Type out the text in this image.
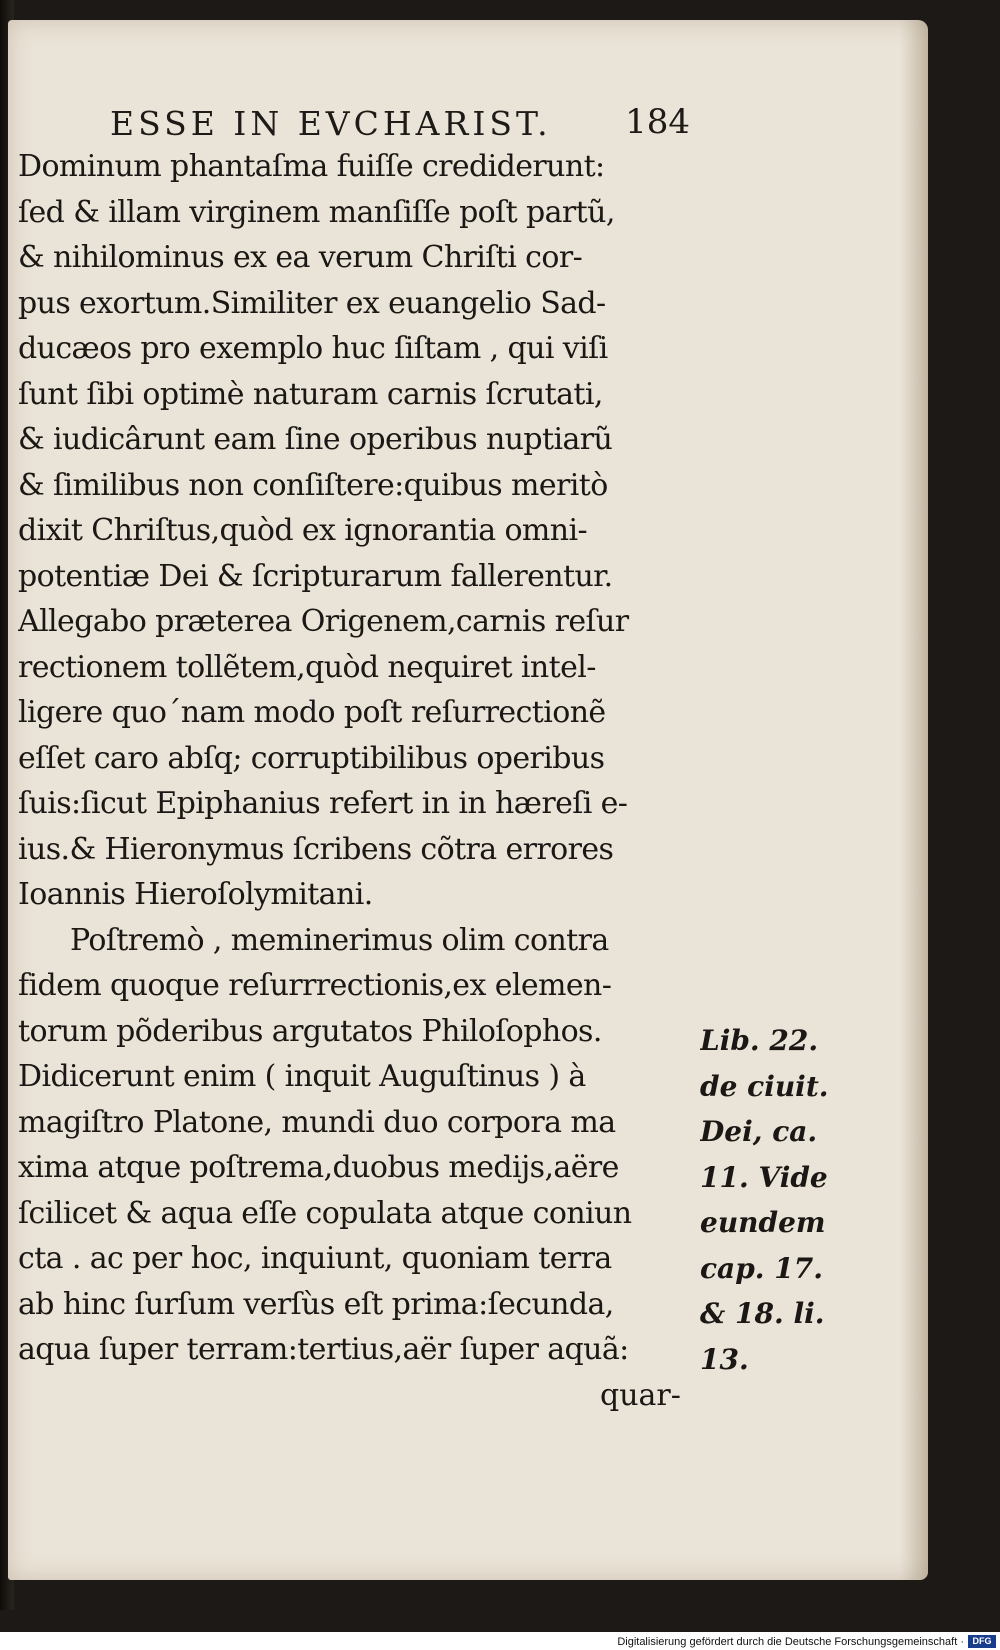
ESSE IN EVCHARIST. 184
Dominum phantaſma fuiſſe crediderunt:
ſed & illam virginem manſiſſe poſt partũ,
& nihilominus ex ea verum Chriſti cor-
pus exortum.Similiter ex euangelio Sad-
ducæos pro exemplo huc ſiſtam , qui viſi
ſunt ſibi optimè naturam carnis ſcrutati,
& iudicârunt eam ſine operibus nuptiarũ
& ſimilibus non conſiſtere:quibus meritò
dixit Chriſtus,quòd ex ignorantia omni-
potentiæ Dei & ſcripturarum fallerentur.
Allegabo præterea Origenem,carnis reſur
rectionem tollẽtem,quòd nequiret intel-
ligere quo´nam modo poſt reſurrectionẽ
eſſet caro abſq; corruptibilibus operibus
ſuis:ſicut Epiphanius refert in in hæreſi e-
ius.& Hieronymus ſcribens cõtra errores
Ioannis Hieroſolymitani.
Poſtremò , meminerimus olim contra
fidem quoque reſurrrectionis,ex elemen-
torum põderibus argutatos Philoſophos.
Didicerunt enim ( inquit Auguſtinus ) à
magiſtro Platone, mundi duo corpora ma
xima atque poſtrema,duobus medijs,aëre
ſcilicet & aqua eſſe copulata atque coniun
cta . ac per hoc, inquiunt, quoniam terra
ab hinc ſurſum verſùs eſt prima:ſecunda,
aqua ſuper terram:tertius,aër ſuper aquã:
Lib. 22.
de ciuit.
Dei, ca.
11. Vide
eundem
cap. 17.
& 18. li.
13.
quar-
Digitalisierung gefördert durch die Deutsche Forschungsgemeinschaft · DFG
